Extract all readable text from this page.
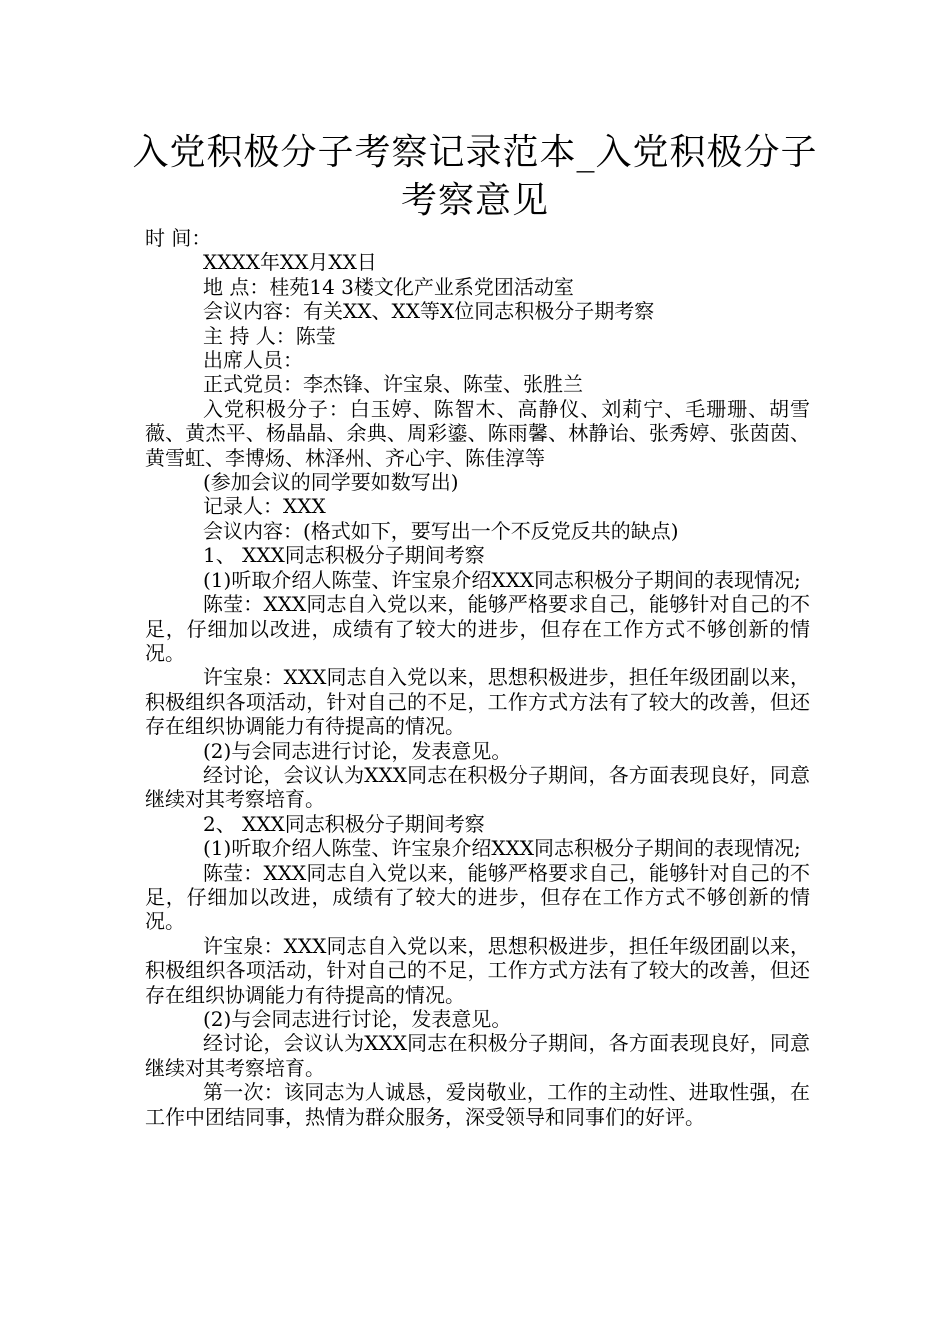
入党积极分子考察记录范本_入党积极分子
考察意见

时 间：

XXXX年XX月XX日

地 点：桂苑14 3楼文化产业系党团活动室

会议内容：有关XX、XX等X位同志积极分子期考察

主 持 人：陈莹

出席人员：

正式党员：李杰锋、许宝泉、陈莹、张胜兰

入党积极分子：白玉婷、陈智木、高静仪、刘莉宁、毛珊珊、胡雪薇、黄杰平、杨晶晶、余典、周彩鎏、陈雨馨、林静诒、张秀婷、张茵茵、黄雪虹、李博炀、林泽州、齐心宇、陈佳淳等

(参加会议的同学要如数写出)

记录人：XXX

会议内容：(格式如下，要写出一个不反党反共的缺点)

1、 XXX同志积极分子期间考察

(1)听取介绍人陈莹、许宝泉介绍XXX同志积极分子期间的表现情况;

陈莹：XXX同志自入党以来，能够严格要求自己，能够针对自己的不足，仔细加以改进，成绩有了较大的进步，但存在工作方式不够创新的情况。

许宝泉：XXX同志自入党以来，思想积极进步，担任年级团副以来，积极组织各项活动，针对自己的不足，工作方式方法有了较大的改善，但还存在组织协调能力有待提高的情况。

(2)与会同志进行讨论，发表意见。

经讨论，会议认为XXX同志在积极分子期间，各方面表现良好，同意继续对其考察培育。

2、 XXX同志积极分子期间考察

(1)听取介绍人陈莹、许宝泉介绍XXX同志积极分子期间的表现情况;

陈莹：XXX同志自入党以来，能够严格要求自己，能够针对自己的不足，仔细加以改进，成绩有了较大的进步，但存在工作方式不够创新的情况。

许宝泉：XXX同志自入党以来，思想积极进步，担任年级团副以来，积极组织各项活动，针对自己的不足，工作方式方法有了较大的改善，但还存在组织协调能力有待提高的情况。

(2)与会同志进行讨论，发表意见。

经讨论，会议认为XXX同志在积极分子期间，各方面表现良好，同意继续对其考察培育。

第一次：该同志为人诚恳，爱岗敬业，工作的主动性、进取性强，在工作中团结同事，热情为群众服务，深受领导和同事们的好评。
